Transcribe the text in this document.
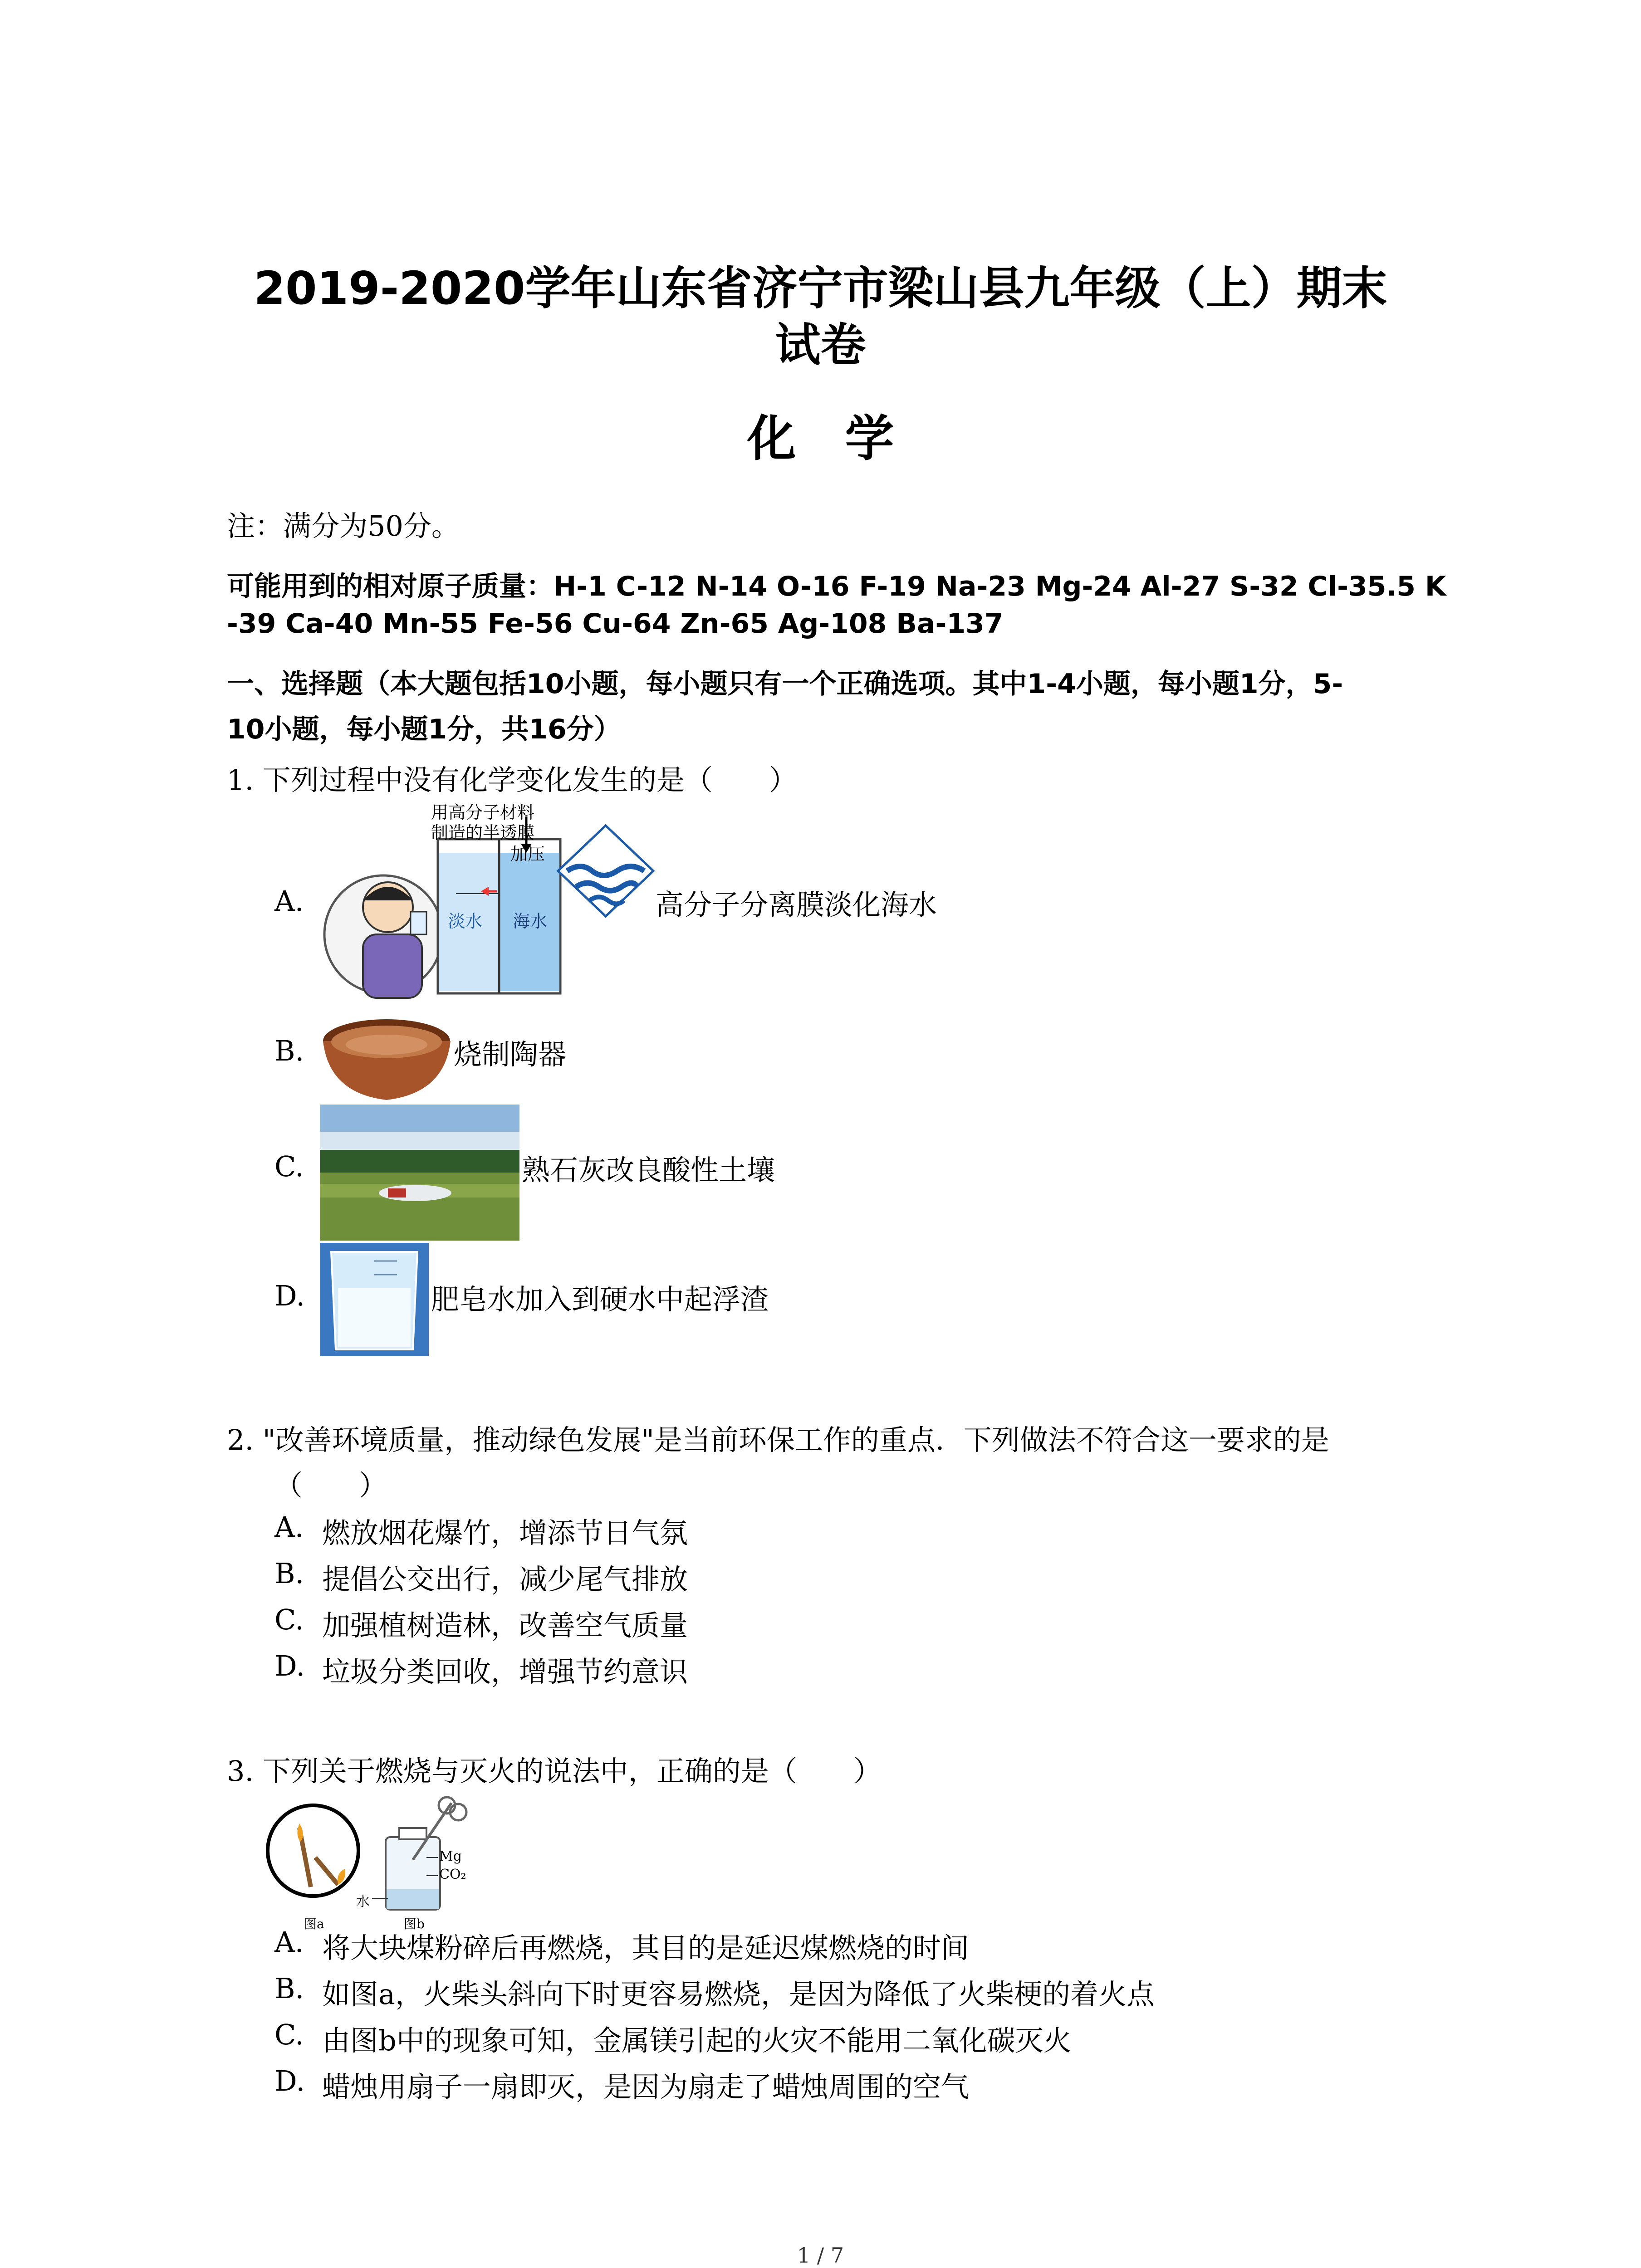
2019-2020学年山东省济宁市梁山县九年级（上）期末
试卷
化　学
注：满分为50分。
可能用到的相对原子质量：H-1 C-12 N-14 O-16 F-19 Na-23 Mg-24 Al-27 S-32 Cl-35.5 K
-39 Ca-40 Mn-55 Fe-56 Cu-64 Zn-65 Ag-108 Ba-137
一、选择题（本大题包括10小题，每小题只有一个正确选项。其中1-4小题，每小题1分，5-
10小题，每小题1分，共16分）
1. 下列过程中没有化学变化发生的是（　　）
A.
用高分子材料
制造的半透膜
加压
淡水 海水	高分子分离膜淡化海水
B.	烧制陶器
C.	熟石灰改良酸性土壤
D.	肥皂水加入到硬水中起浮渣
2. "改善环境质量，推动绿色发展"是当前环保工作的重点．下列做法不符合这一要求的是
（　　）
A. 燃放烟花爆竹，增添节日气氛
B. 提倡公交出行，减少尾气排放
C. 加强植树造林，改善空气质量
D. 垃圾分类回收，增强节约意识
3. 下列关于燃烧与灭火的说法中，正确的是（　　）
Mg
CO₂
水
图a	图b
A. 将大块煤粉碎后再燃烧，其目的是延迟煤燃烧的时间
B. 如图a，火柴头斜向下时更容易燃烧，是因为降低了火柴梗的着火点
C. 由图b中的现象可知，金属镁引起的火灾不能用二氧化碳灭火
D. 蜡烛用扇子一扇即灭，是因为扇走了蜡烛周围的空气
1 / 7
